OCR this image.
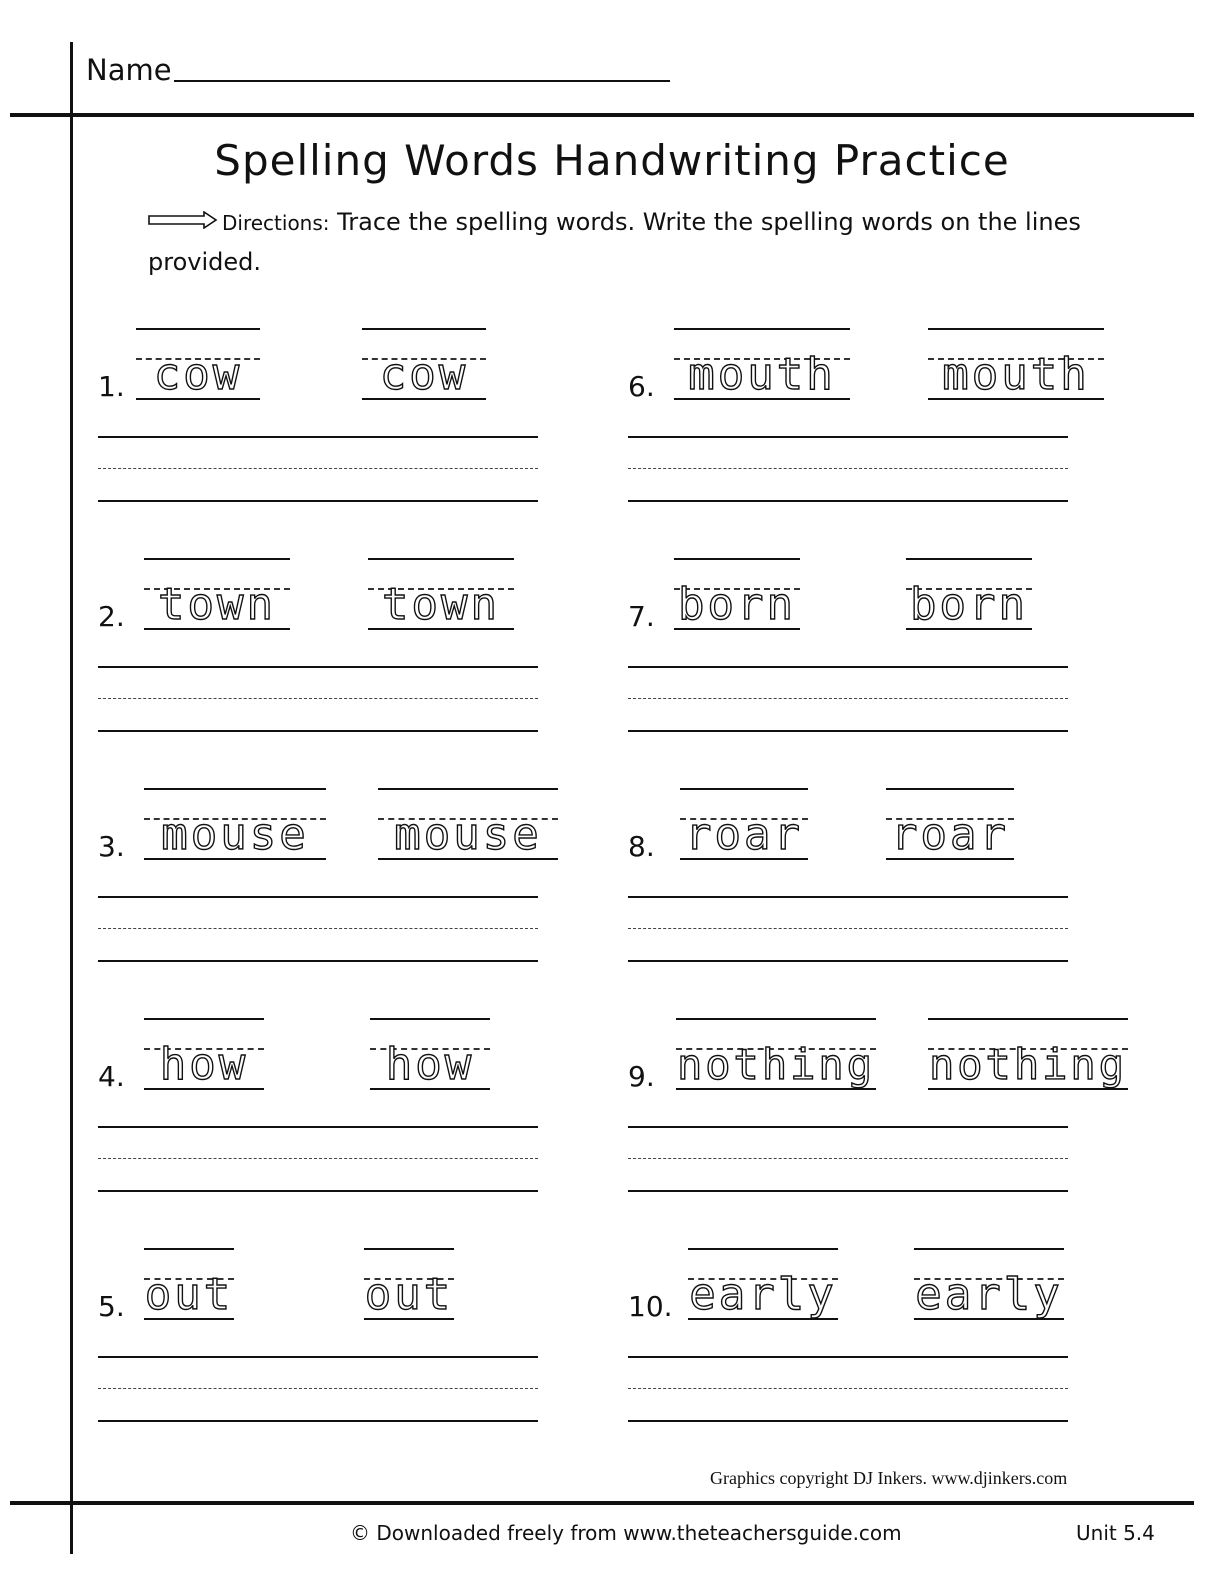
Name
Spelling Words Handwriting Practice
Directions: Trace the spelling words. Write the spelling words on the lines provided.
1. cow	cow
2. town	town
3. mouse	mouse
4. how	how
5. out	out
6. mouth	mouth
7. born	born
8. roar roar
9. nothing nothing
10. early early
Graphics copyright DJ Inkers. www.djinkers.com
© Downloaded freely from www.theteachersguide.com	Unit 5.4
